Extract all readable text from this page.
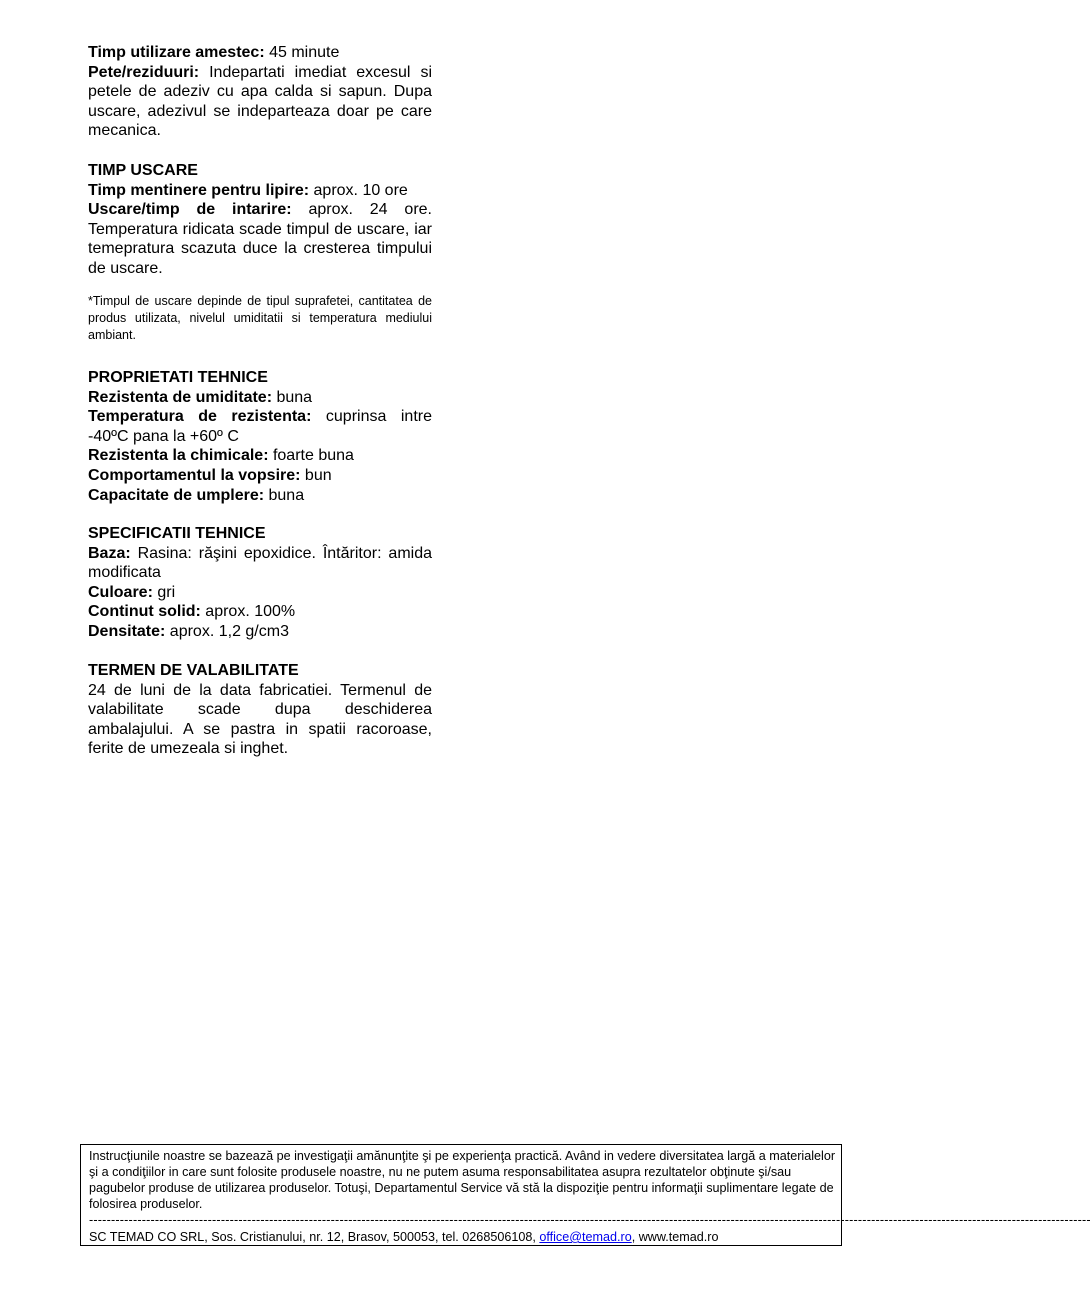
Timp utilizare amestec: 45 minute

Pete/reziduuri: Indepartati imediat excesul si petele de adeziv cu apa calda si sapun. Dupa uscare, adezivul se indeparteaza doar pe care mecanica.

TIMP USCARE

Timp mentinere pentru lipire: aprox. 10 ore

Uscare/timp de intarire: aprox. 24 ore. Temperatura ridicata scade timpul de uscare, iar temepratura scazuta duce la cresterea timpului de uscare.

*Timpul de uscare depinde de tipul suprafetei, cantitatea de produs utilizata, nivelul umiditatii si temperatura mediului ambiant.

PROPRIETATI TEHNICE

Rezistenta de umiditate: buna

Temperatura de rezistenta: cuprinsa intre -40ºC pana la +60º C

Rezistenta la chimicale: foarte buna

Comportamentul la vopsire: bun

Capacitate de umplere: buna

SPECIFICATII TEHNICE

Baza: Rasina: răşini epoxidice. Întăritor: amida modificata

Culoare: gri

Continut solid: aprox. 100%

Densitate: aprox. 1,2 g/cm3

TERMEN DE VALABILITATE

24 de luni de la data fabricatiei. Termenul de valabilitate scade dupa deschiderea ambalajului. A se pastra in spatii racoroase, ferite de umezeala si inghet.

Instrucţiunile noastre se bazează pe investigaţii amănunţite şi pe experienţa practică. Având in vedere diversitatea largă a materialelor şi a condiţiilor in care sunt folosite produsele noastre, nu ne putem asuma responsabilitatea asupra rezultatelor obţinute şi/sau pagubelor produse de utilizarea produselor. Totuşi, Departamentul Service vă stă la dispoziţie pentru informaţii suplimentare legate de folosirea produselor.
------------------------------------------------------------------------------------------------------------------------------------------------------------------------------------------------------------------------------------
SC TEMAD CO SRL, Sos. Cristianului, nr. 12, Brasov, 500053, tel. 0268506108, office@temad.ro, www.temad.ro
